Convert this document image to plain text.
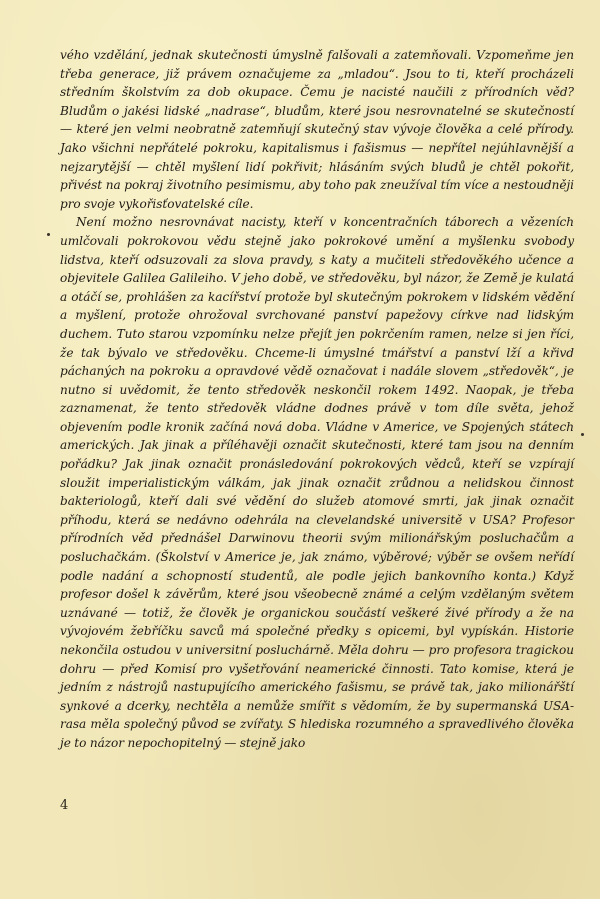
vého vzdělání, jednak skutečnosti úmyslně falšovali a zatemňovali. Vzpomeňme jen třeba generace, již právem označujeme za „mladou“. Jsou to ti, kteří procházeli středním školstvím za dob okupace. Čemu je nacisté naučili z přírodních věd? Bludům o jakési lidské „nadrase“, bludům, které jsou nesrovnatelné se skutečností — které jen velmi neobratně zatemňují skutečný stav vývoje člověka a celé přírody. Jako všichni nepřátelé pokroku, kapitalismus i fašismus — nepřítel nejúhlavnější a nejzarytější — chtěl myšlení lidí pokřivit; hlásáním svých bludů je chtěl pokořit, přivést na pokraj životního pesimismu, aby toho pak zneužíval tím více a nestoudněji pro svoje vykořisťovatelské cíle.

Není možno nesrovnávat nacisty, kteří v koncentračních táborech a vězeních umlčovali pokrokovou vědu stejně jako pokrokové umění a myšlenku svobody lidstva, kteří odsuzovali za slova pravdy, s katy a mučiteli středověkého učence a objevitele Galilea Galileiho. V jeho době, ve středověku, byl názor, že Země je kulatá a otáčí se, prohlášen za kacířství protože byl skutečným pokrokem v lidském vědění a myšlení, protože ohrožoval svrchované panství papežovy církve nad lidským duchem. Tuto starou vzpomínku nelze přejít jen pokrčením ramen, nelze si jen říci, že tak bývalo ve středověku. Chceme-li úmyslné tmářství a panství lží a křivd páchaných na pokroku a opravdové vědě označovat i nadále slovem „středověk“, je nutno si uvědomit, že tento středověk neskončil rokem 1492. Naopak, je třeba zaznamenat, že tento středověk vládne dodnes právě v tom díle světa, jehož objevením podle kronik začíná nová doba. Vládne v Americe, ve Spojených státech amerických. Jak jinak a příléhavěji označit skutečnosti, které tam jsou na denním pořádku? Jak jinak označit pronásledování pokrokových vědců, kteří se vzpírají sloužit imperialistickým válkám, jak jinak označit zrůdnou a nelidskou činnost bakteriologů, kteří dali své vědění do služeb atomové smrti, jak jinak označit příhodu, která se nedávno odehrála na clevelandské universitě v USA? Profesor přírodních věd přednášel Darwinovu theorii svým milionářským posluchačům a posluchačkám. (Školství v Americe je, jak známo, výběrové; výběr se ovšem neřídí podle nadání a schopností studentů, ale podle jejich bankovního konta.) Když profesor došel k závěrům, které jsou všeobecně známé a celým vzdělaným světem uznávané — totiž, že člověk je organickou součástí veškeré živé přírody a že na vývojovém žebříčku savců má společné předky s opicemi, byl vypískán. Historie nekončila ostudou v universitní posluchárně. Měla dohru — pro profesora tragickou dohru — před Komisí pro vyšetřování neamerické činnosti. Tato komise, která je jedním z nástrojů nastupujícího amerického fašismu, se právě tak, jako milionářští synkové a dcerky, nechtěla a nemůže smířit s vědomím, že by supermanská USA-rasa měla společný původ se zvířaty. S hlediska rozumného a spravedlivého člověka je to názor nepochopitelný — stejně jako

4
